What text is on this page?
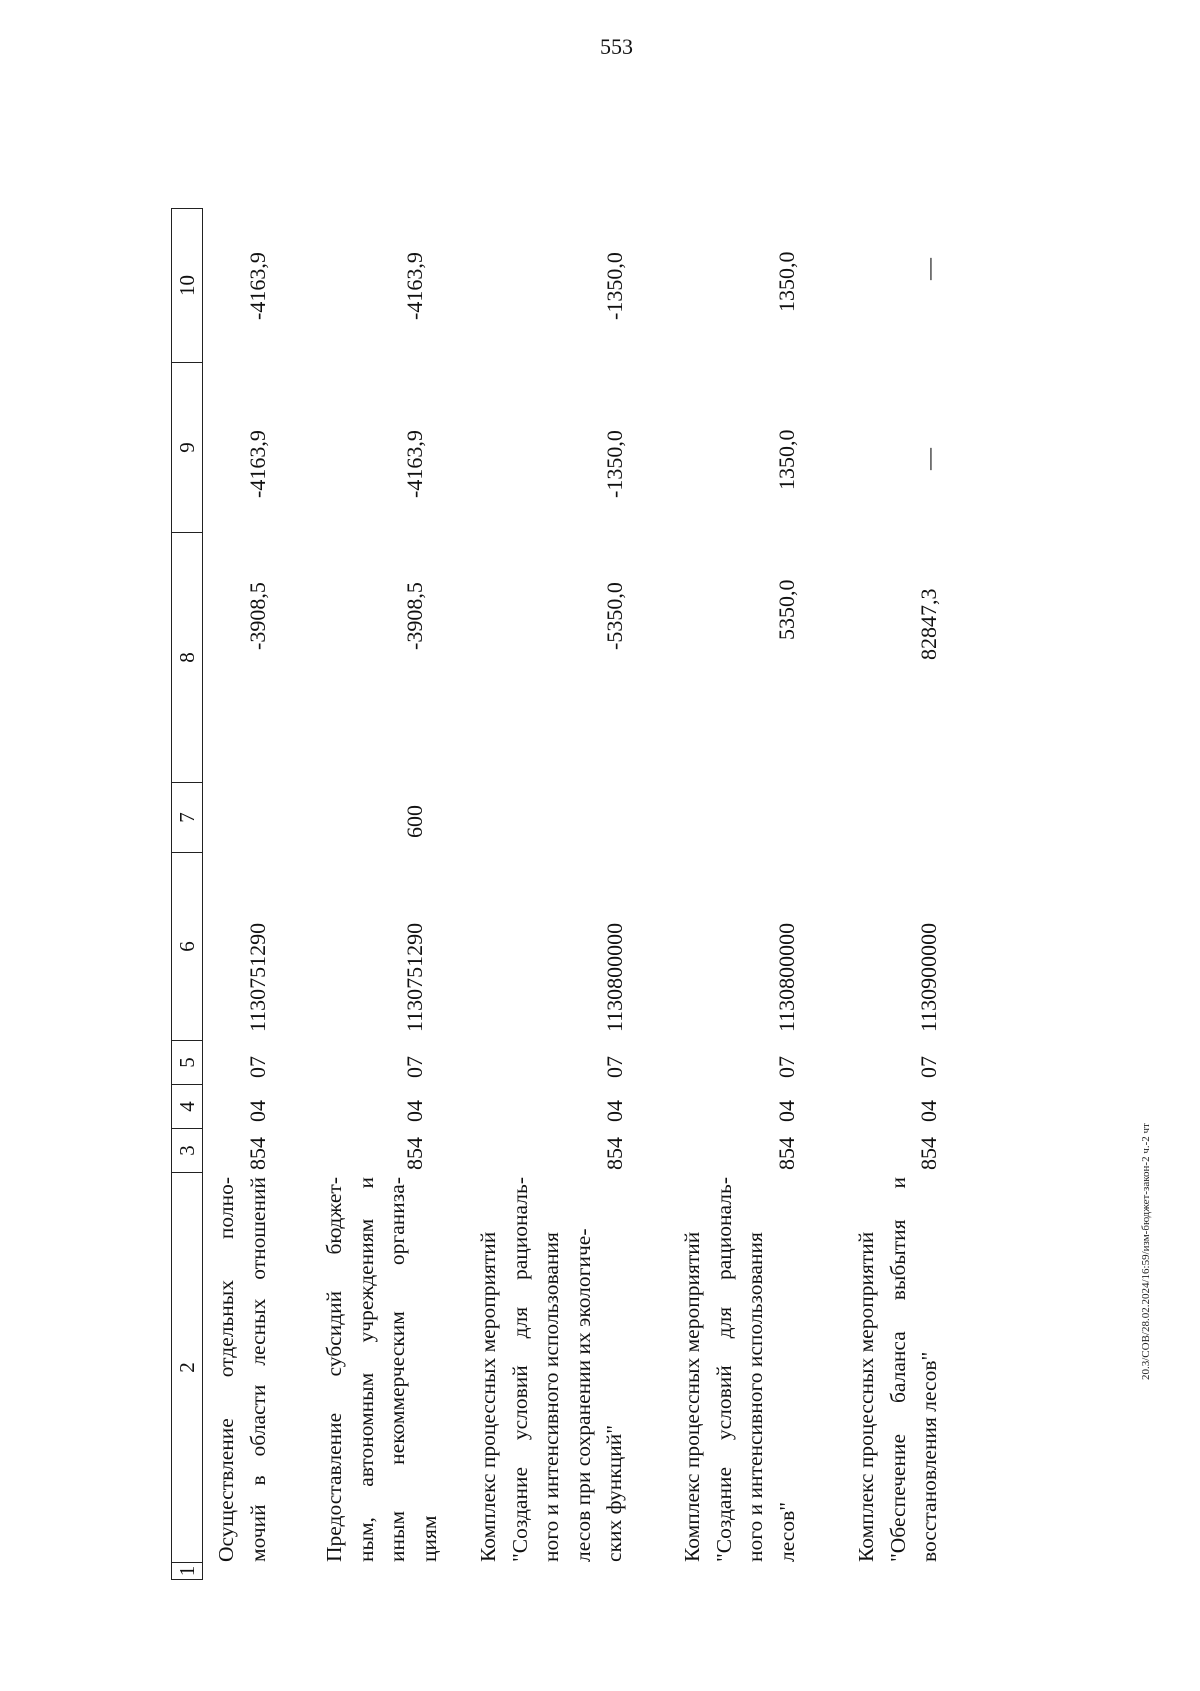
553
1
2
3
4
5
6
7
8
9
10
Осуществление отдельных полно- мочий в области лесных отношений
854
04
07
1130751290
-3908,5
-4163,9
-4163,9
Предоставление субсидий бюджет- ным, автономным учреждениям и иным некоммерческим организа- циям
854
04
07
1130751290
600
-3908,5
-4163,9
-4163,9
Комплекс процессных мероприятий "Создание условий для рациональ- ного и интенсивного использования лесов при сохранении их экологиче- ских функций"
854
04
07
1130800000
-5350,0
-1350,0
-1350,0
Комплекс процессных мероприятий "Создание условий для рациональ- ного и интенсивного использования лесов"
854
04
07
1130800000
5350,0
1350,0
1350,0
Комплекс процессных мероприятий "Обеспечение баланса выбытия и восстановления лесов"
854
04
07
1130900000
82847,3
—
—
20.3/СОВ/28.02.2024/16:59/изм-бюджет-закон-2 ч.-2 чт
